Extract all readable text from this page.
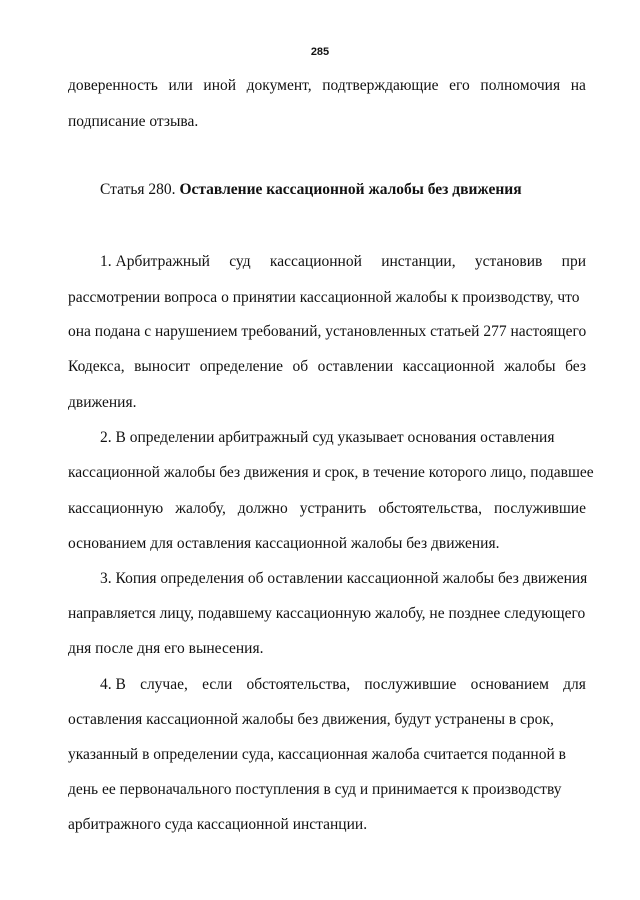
285
доверенность или иной документ, подтверждающие его полномочия на
подписание отзыва.
Статья 280. Оставление кассационной жалобы без движения
1. Арбитражный суд кассационной инстанции, установив при
рассмотрении вопроса о принятии кассационной жалобы к производству, что
она подана с нарушением требований, установленных статьей 277 настоящего
Кодекса, выносит определение об оставлении кассационной жалобы без
движения.
2. В определении арбитражный суд указывает основания оставления
кассационной жалобы без движения и срок, в течение которого лицо, подавшее
кассационную жалобу, должно устранить обстоятельства, послужившие
основанием для оставления кассационной жалобы без движения.
3. Копия определения об оставлении кассационной жалобы без движения
направляется лицу, подавшему кассационную жалобу, не позднее следующего
дня после дня его вынесения.
4. В случае, если обстоятельства, послужившие основанием для
оставления кассационной жалобы без движения, будут устранены в срок,
указанный в определении суда, кассационная жалоба считается поданной в
день ее первоначального поступления в суд и принимается к производству
арбитражного суда кассационной инстанции.
